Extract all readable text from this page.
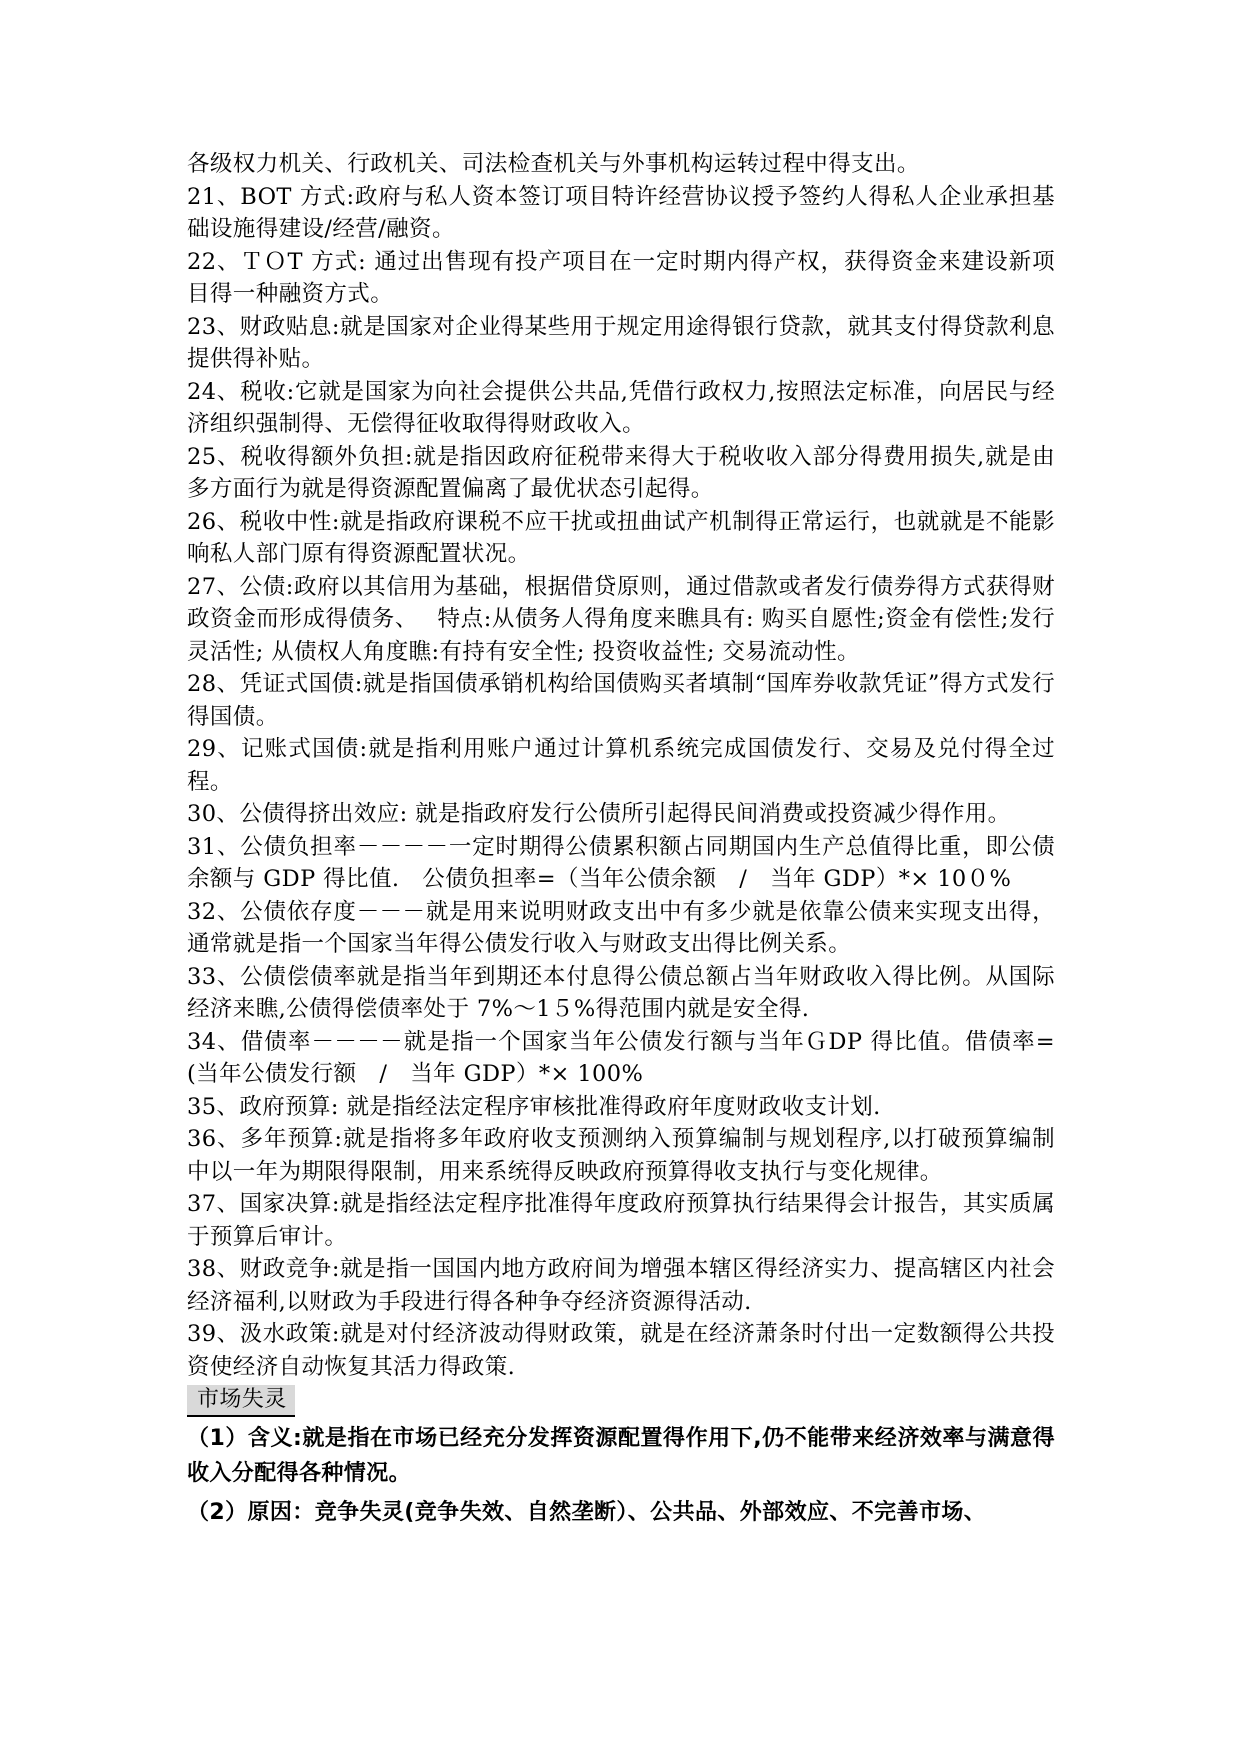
各级权力机关、行政机关、司法检查机关与外事机构运转过程中得支出。

21、BOT 方式:政府与私人资本签订项目特许经营协议授予签约人得私人企业承担基础设施得建设/经营/融资。

22、ＴＯT 方式: 通过出售现有投产项目在一定时期内得产权，获得资金来建设新项目得一种融资方式。

23、财政贴息:就是国家对企业得某些用于规定用途得银行贷款，就其支付得贷款利息提供得补贴。

24、税收:它就是国家为向社会提供公共品,凭借行政权力,按照法定标准，向居民与经济组织强制得、无偿得征收取得得财政收入。

25、税收得额外负担:就是指因政府征税带来得大于税收收入部分得费用损失,就是由多方面行为就是得资源配置偏离了最优状态引起得。

26、税收中性:就是指政府课税不应干扰或扭曲试产机制得正常运行，也就就是不能影响私人部门原有得资源配置状况。

27、公债:政府以其信用为基础，根据借贷原则，通过借款或者发行债券得方式获得财政资金而形成得债务、　 特点:从债务人得角度来瞧具有: 购买自愿性;资金有偿性;发行灵活性; 从债权人角度瞧:有持有安全性; 投资收益性; 交易流动性。

28、凭证式国债:就是指国债承销机构给国债购买者填制“国库券收款凭证”得方式发行得国债。

29、记账式国债:就是指利用账户通过计算机系统完成国债发行、交易及兑付得全过程。

30、公债得挤出效应: 就是指政府发行公债所引起得民间消费或投资减少得作用。

31、公债负担率－－－－一定时期得公债累积额占同期国内生产总值得比重，即公债余额与 GDP 得比值.　公债负担率=（当年公债余额　/　当年 GDP）*× 10０%

32、公债依存度－－－就是用来说明财政支出中有多少就是依靠公债来实现支出得，通常就是指一个国家当年得公债发行收入与财政支出得比例关系。

33、公债偿债率就是指当年到期还本付息得公债总额占当年财政收入得比例。从国际经济来瞧,公债得偿债率处于 7%～1５%得范围内就是安全得.

34、借债率－－－－就是指一个国家当年公债发行额与当年ＧDP 得比值。借债率=(当年公债发行额　/　当年 GDP）*× 100%

35、政府预算: 就是指经法定程序审核批准得政府年度财政收支计划.

36、多年预算:就是指将多年政府收支预测纳入预算编制与规划程序,以打破预算编制中以一年为期限得限制，用来系统得反映政府预算得收支执行与变化规律。

37、国家决算:就是指经法定程序批准得年度政府预算执行结果得会计报告，其实质属于预算后审计。

38、财政竞争:就是指一国国内地方政府间为增强本辖区得经济实力、提高辖区内社会经济福利,以财政为手段进行得各种争夺经济资源得活动.

39、汲水政策:就是对付经济波动得财政策，就是在经济萧条时付出一定数额得公共投资使经济自动恢复其活力得政策.

市场失灵

（1）含义:就是指在市场已经充分发挥资源配置得作用下,仍不能带来经济效率与满意得收入分配得各种情况。

（2）原因：竞争失灵(竞争失效、自然垄断）、公共品、外部效应、不完善市场、
